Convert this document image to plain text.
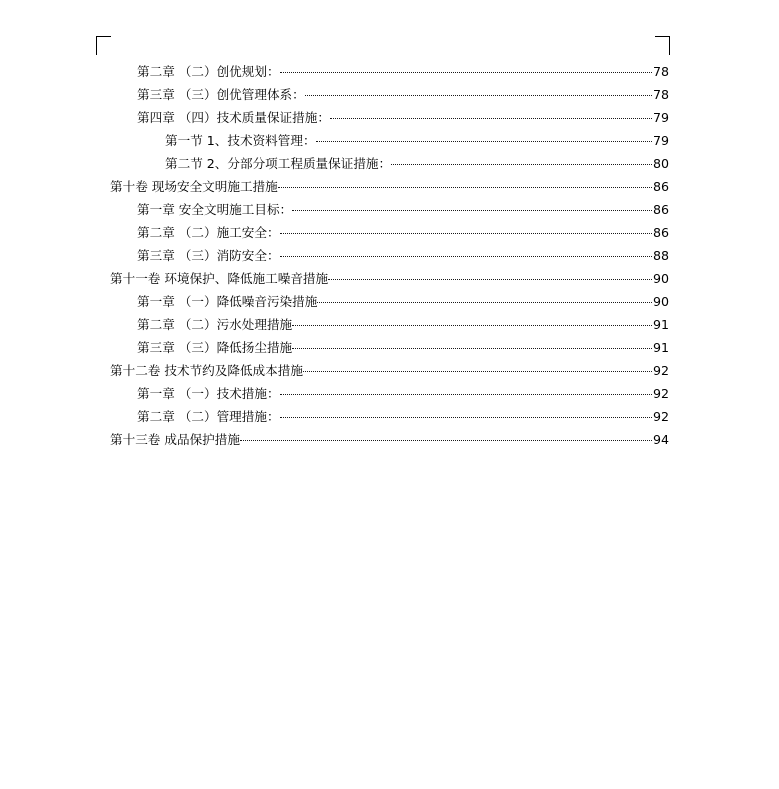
第二章 （二）创优规划：	78
第三章 （三）创优管理体系：	78
第四章 （四）技术质量保证措施：	79
第一节 1、技术资料管理：	79
第二节 2、分部分项工程质量保证措施：	80
第十卷 现场安全文明施工措施	86
第一章 安全文明施工目标：	86
第二章 （二）施工安全：	86
第三章 （三）消防安全：	88
第十一卷 环境保护、降低施工噪音措施	90
第一章 （一）降低噪音污染措施	90
第二章 （二）污水处理措施	91
第三章 （三）降低扬尘措施	91
第十二卷 技术节约及降低成本措施	92
第一章 （一）技术措施：	92
第二章 （二）管理措施：	92
第十三卷 成品保护措施	94
